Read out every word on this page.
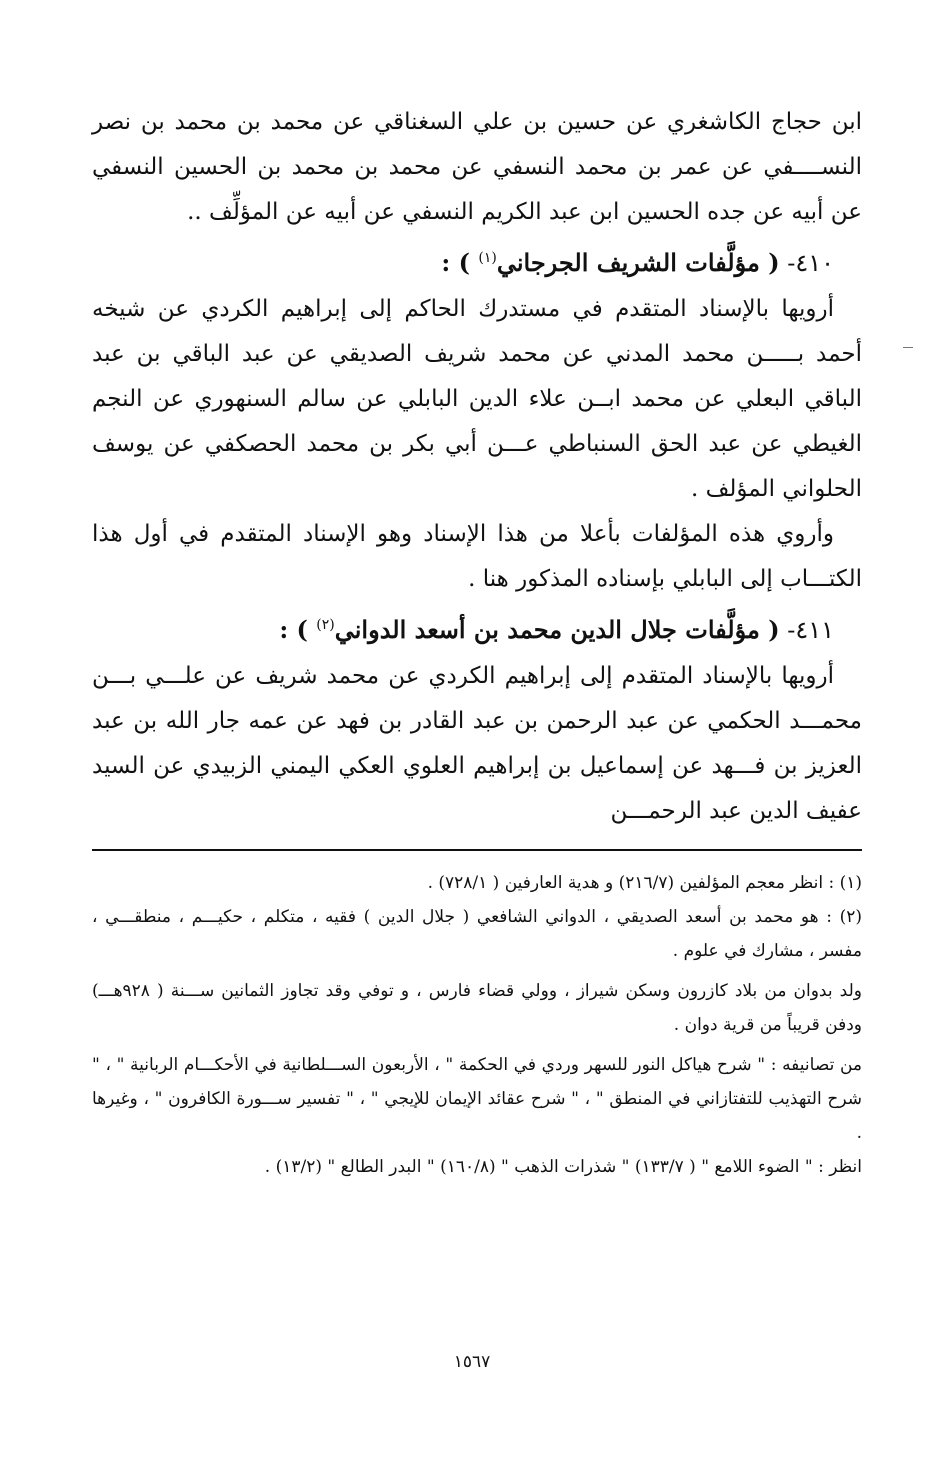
ابن حجاج الكاشغري عن حسين بن علي السغناقي عن محمد بن محمد بن نصر النســــفي عن عمر بن محمد النسفي عن محمد بن محمد بن الحسين النسفي عن أبيه عن جده الحسين ابن عبد الكريم النسفي عن أبيه عن المؤلِّف ..

٤١٠- ( مؤلَّفات الشريف الجرجاني$^{(١)}$ ) :

أرويها بالإسناد المتقدم في مستدرك الحاكم إلى إبراهيم الكردي عن شيخه أحمد بـــــن محمد المدني عن محمد شريف الصديقي عن عبد الباقي بن عبد الباقي البعلي عن محمد ابــن علاء الدين البابلي عن سالم السنهوري عن النجم الغيطي عن عبد الحق السنباطي عـــن أبي بكر بن محمد الحصكفي عن يوسف الحلواني المؤلف .

وأروي هذه المؤلفات بأعلا من هذا الإسناد وهو الإسناد المتقدم في أول هذا الكتـــاب إلى البابلي بإسناده المذكور هنا .

٤١١- ( مؤلَّفات جلال الدين محمد بن أسعد الدواني$^{(٢)}$ ) :

أرويها بالإسناد المتقدم إلى إبراهيم الكردي عن محمد شريف عن علـــي بـــن محمـــد الحكمي عن عبد الرحمن بن عبد القادر بن فهد عن عمه جار الله بن عبد العزيز بن فـــهد عن إسماعيل بن إبراهيم العلوي العكي اليمني الزبيدي عن السيد عفيف الدين عبد الرحمـــن

(١) : انظر معجم المؤلفين (٢١٦/٧) و هدية العارفين ( ٧٢٨/١) .

(٢) : هو محمد بن أسعد الصديقي ، الدواني الشافعي ( جلال الدين ) فقيه ، متكلم ، حكيـــم ، منطقـــي ، مفسر ، مشارك في علوم .

ولد بدوان من بلاد كازرون وسكن شيراز ، وولي قضاء فارس ، و توفي وقد تجاوز الثمانين ســـنة ( ٩٢٨هـــ) ودفن قريباً من قرية دوان .

من تصانيفه : " شرح هياكل النور للسهر وردي في الحكمة " ، الأربعون الســـلطانية في الأحكـــام الربانية " ، " شرح التهذيب للتفتازاني في المنطق " ، " شرح عقائد الإيمان للإيجي " ، " تفسير ســـورة الكافرون " ، وغيرها .

انظر : " الضوء اللامع " ( ١٣٣/٧) " شذرات الذهب " (١٦٠/٨) " البدر الطالع " (١٣/٢) .

١٥٦٧
